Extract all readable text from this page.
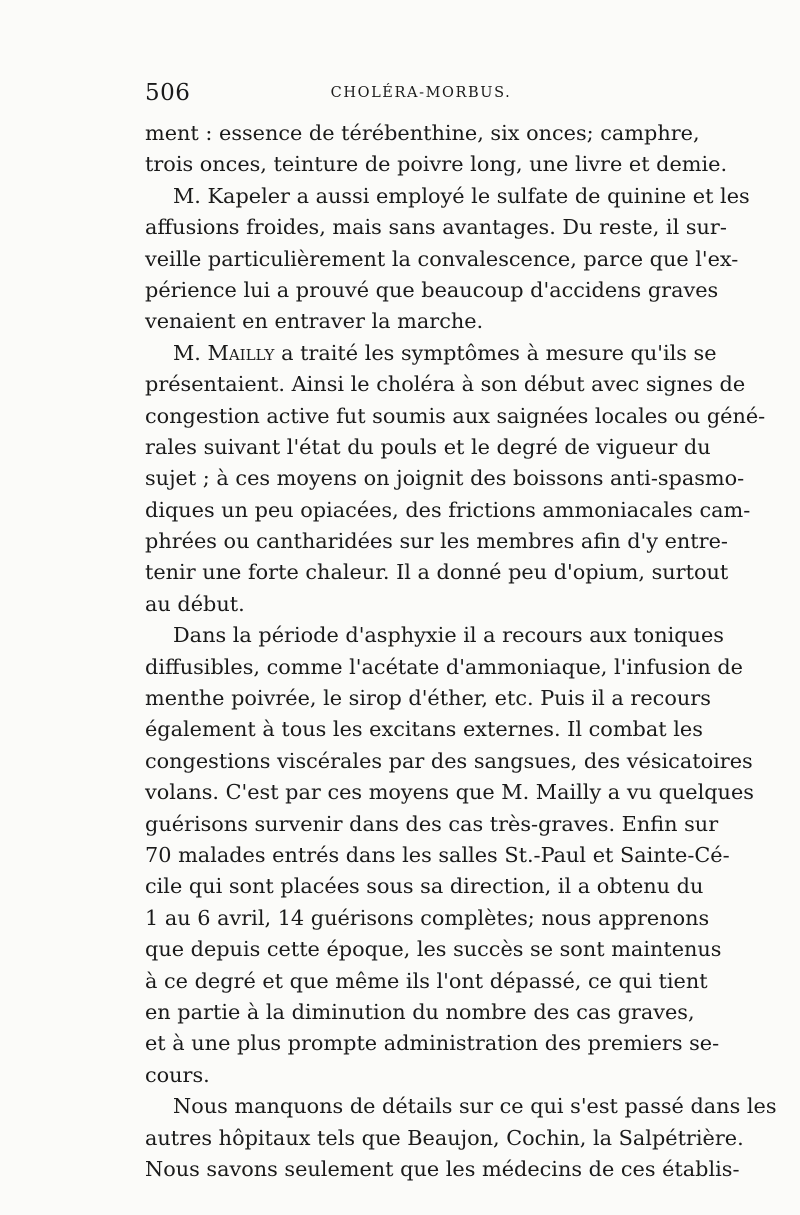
506	CHOLÉRA-MORBUS.
ment : essence de térébenthine, six onces; camphre,
trois onces, teinture de poivre long, une livre et demie.
M. Kapeler a aussi employé le sulfate de quinine et les
affusions froides, mais sans avantages. Du reste, il sur-
veille particulièrement la convalescence, parce que l'ex-
périence lui a prouvé que beaucoup d'accidens graves
venaient en entraver la marche.
M. Mailly a traité les symptômes à mesure qu'ils se
présentaient. Ainsi le choléra à son début avec signes de
congestion active fut soumis aux saignées locales ou géné-
rales suivant l'état du pouls et le degré de vigueur du
sujet ; à ces moyens on joignit des boissons anti-spasmo-
diques un peu opiacées, des frictions ammoniacales cam-
phrées ou cantharidées sur les membres afin d'y entre-
tenir une forte chaleur. Il a donné peu d'opium, surtout
au début.
Dans la période d'asphyxie il a recours aux toniques
diffusibles, comme l'acétate d'ammoniaque, l'infusion de
menthe poivrée, le sirop d'éther, etc. Puis il a recours
également à tous les excitans externes. Il combat les
congestions viscérales par des sangsues, des vésicatoires
volans. C'est par ces moyens que M. Mailly a vu quelques
guérisons survenir dans des cas très-graves. Enfin sur
70 malades entrés dans les salles St.-Paul et Sainte-Cé-
cile qui sont placées sous sa direction, il a obtenu du
1 au 6 avril, 14 guérisons complètes; nous apprenons
que depuis cette époque, les succès se sont maintenus
à ce degré et que même ils l'ont dépassé, ce qui tient
en partie à la diminution du nombre des cas graves,
et à une plus prompte administration des premiers se-
cours.
Nous manquons de détails sur ce qui s'est passé dans les
autres hôpitaux tels que Beaujon, Cochin, la Salpétrière.
Nous savons seulement que les médecins de ces établis-
